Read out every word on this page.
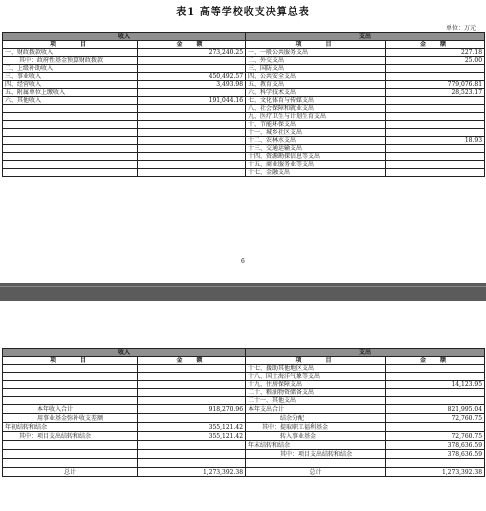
表1 高等学校收支决算总表
单位：万元
收入		支出	
项　　目	金　额	项　　目	金　额
一、财政拨款收入	273,240.25	一、一般公共服务支出	227.18
其中：政府性基金预算财政拨款		二、外交支出	25.00
二、上级补助收入		三、国防支出	
三、事业收入	450,492.57	四、公共安全支出	
四、经营收入	3,493.98	五、教育支出	779,076.81
五、附属单位上缴收入		六、科学技术支出	28,523.17
六、其他收入	191,044.16	七、文化体育与传媒支出	
		八、社会保障和就业支出	
		九、医疗卫生与计划生育支出	
		十、节能环保支出	
		十一、城乡社区支出	
		十二、农林水支出	18.93
		十三、交通运输支出	
		十四、资源勘探信息等支出	
		十五、商业服务业等支出	
		十七、金融支出	
6
收入		支出	
项　　目	金　额	项　　目	金　额
		十七、援助其他地区支出	
		十八、国土海洋气象等支出	
		十九、住房保障支出	14,123.95
		二十、粮油物资储备支出	
		二十一、其他支出	
本年收入合计	918,270.96	本年支出合计	821,995.04
用事业基金弥补收支差额		结余分配	72,760.75
年初结转和结余	355,121.42	其中：提取职工福利基金	
其中：项目支出结转和结余	355,121.42	转入事业基金	72,760.75
		年末结转和结余	378,636.59
		其中：项目支出结转和结余	378,636.59

总计	1,273,392.38	总计	1,273,392.38
